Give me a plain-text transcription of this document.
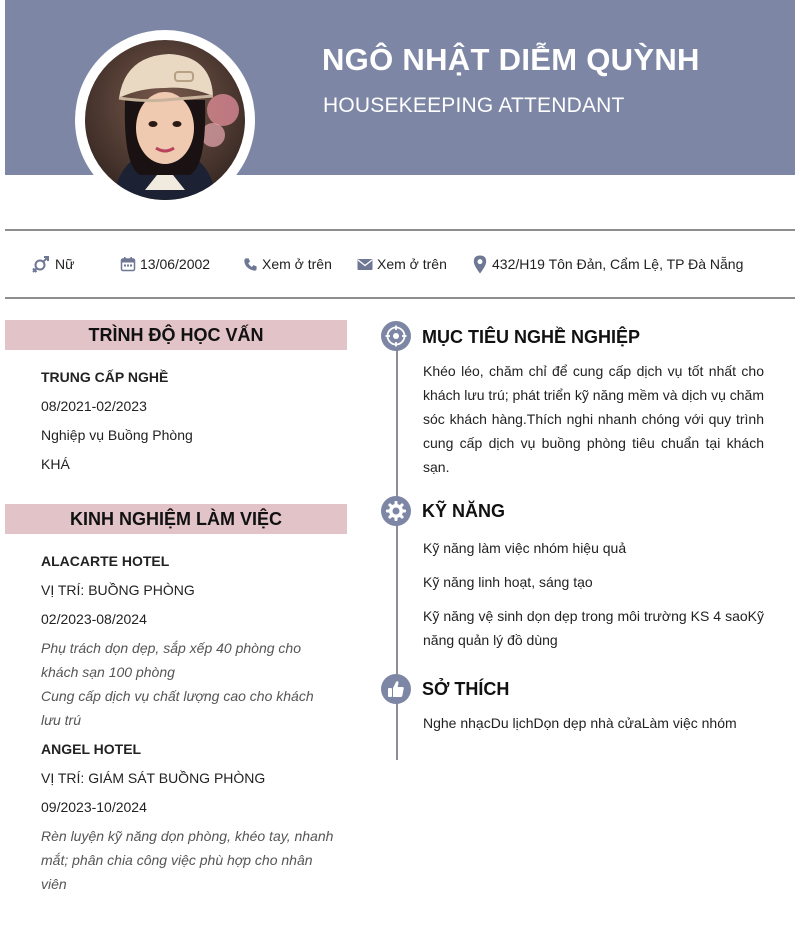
NGÔ NHẬT DIỄM QUỲNH
HOUSEKEEPING ATTENDANT
Nữ	13/06/2002	Xem ở trên	Xem ở trên	432/H19 Tôn Đản, Cẩm Lệ, TP Đà Nẵng
TRÌNH ĐỘ HỌC VẤN
TRUNG CẤP NGHỀ
08/2021-02/2023
Nghiệp vụ Buồng Phòng
KHÁ
KINH NGHIỆM LÀM VIỆC
ALACARTE HOTEL
VỊ TRÍ: BUỒNG PHÒNG
02/2023-08/2024
Phụ trách dọn dẹp, sắp xếp 40 phòng cho khách sạn 100 phòng
Cung cấp dịch vụ chất lượng cao cho khách lưu trú
ANGEL HOTEL
VỊ TRÍ: GIÁM SÁT BUỒNG PHÒNG
09/2023-10/2024
Rèn luyện kỹ năng dọn phòng, khéo tay, nhanh mắt; phân chia công việc phù hợp cho nhân viên
MỤC TIÊU NGHỀ NGHIỆP
Khéo léo, chăm chỉ để cung cấp dịch vụ tốt nhất cho khách lưu trú; phát triển kỹ năng mềm và dịch vụ chăm sóc khách hàng.Thích nghi nhanh chóng với quy trình cung cấp dịch vụ buồng phòng tiêu chuẩn tại khách sạn.
KỸ NĂNG
Kỹ năng làm việc nhóm hiệu quả
Kỹ năng linh hoạt, sáng tạo
Kỹ năng vệ sinh dọn dẹp trong môi trường KS 4 saoKỹ năng quản lý đồ dùng
SỞ THÍCH
Nghe nhạcDu lịchDọn dẹp nhà cửaLàm việc nhóm
